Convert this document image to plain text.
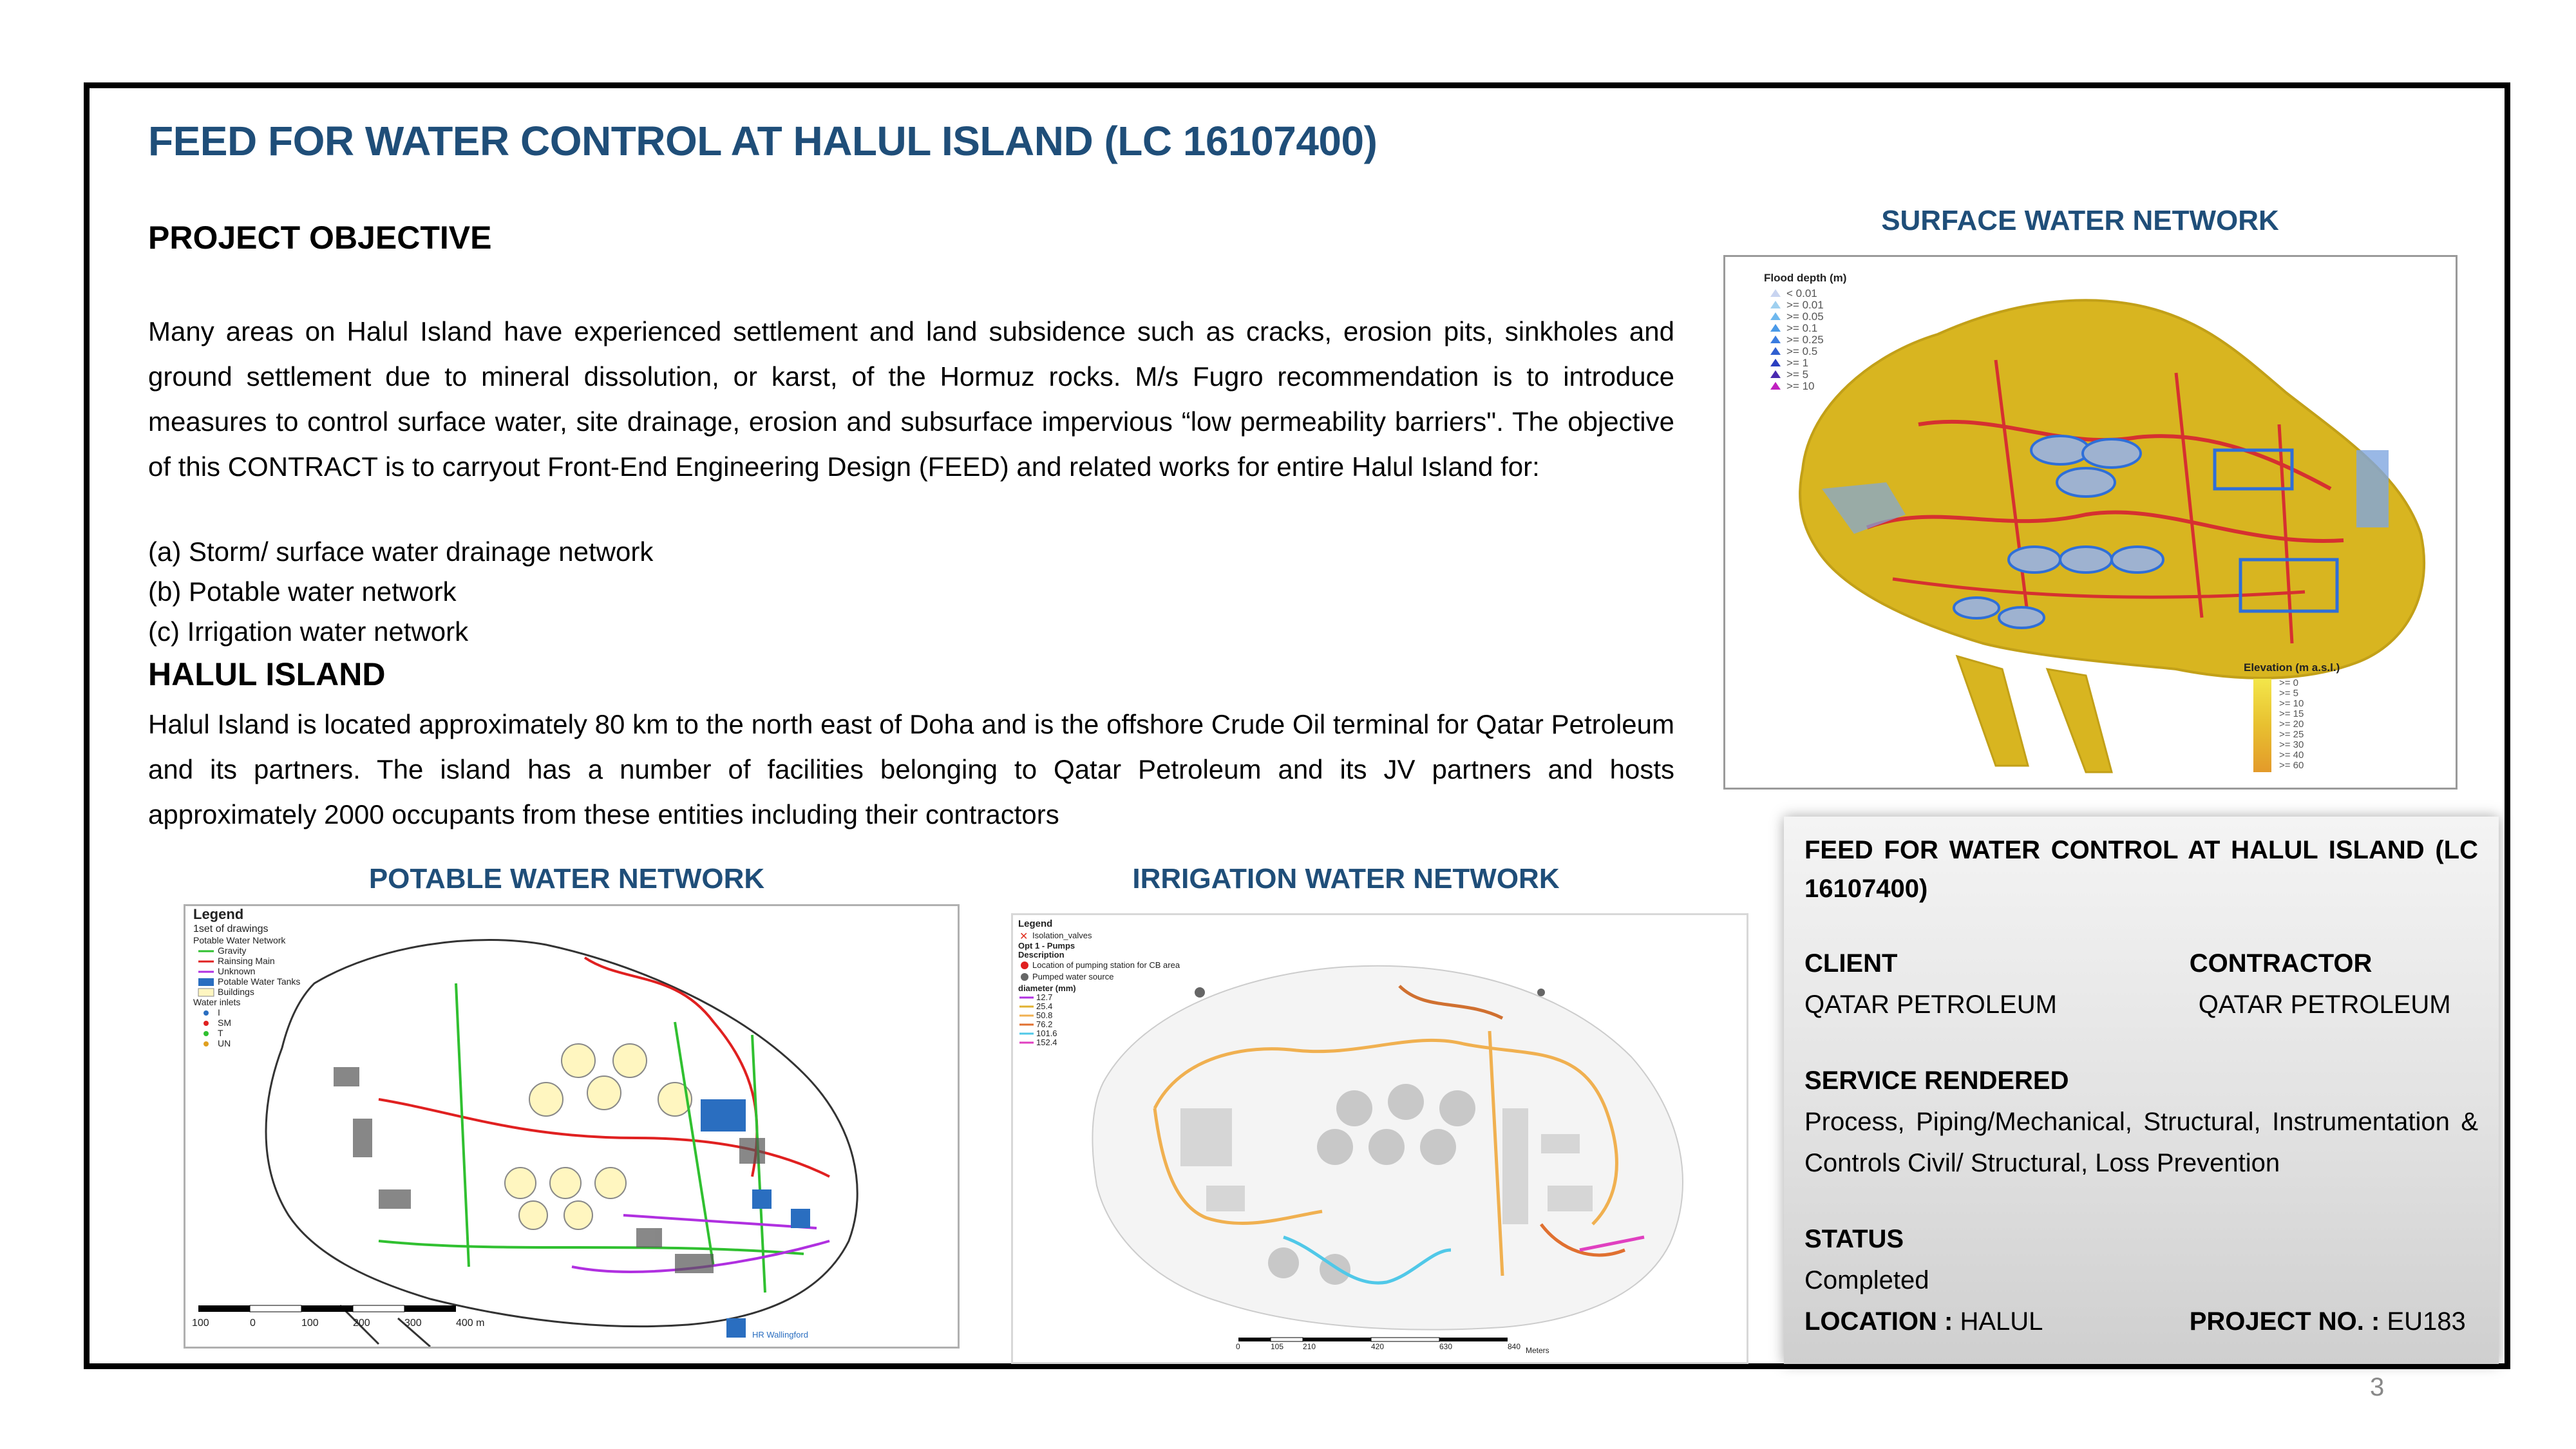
FEED FOR WATER CONTROL AT HALUL ISLAND (LC 16107400)
PROJECT OBJECTIVE
Many areas on Halul Island have experienced settlement and land subsidence such as cracks, erosion pits, sinkholes and ground settlement due to mineral dissolution, or karst, of the Hormuz rocks. M/s Fugro recommendation is to introduce measures to control surface water, site drainage, erosion and subsurface impervious “low permeability barriers". The objective of this CONTRACT is to carryout Front-End Engineering Design (FEED) and related works for entire Halul Island for:
(a) Storm/ surface water drainage network
(b) Potable water network
(c) Irrigation water network
HALUL ISLAND
Halul Island is located approximately 80 km to the north east of Doha and is the offshore Crude Oil terminal for Qatar Petroleum and its partners. The island has a number of facilities belonging to Qatar Petroleum and its JV partners and hosts approximately 2000 occupants from these entities including their contractors
SURFACE WATER NETWORK
Flood depth (m)
< 0.01
>= 0.01
>= 0.05
>= 0.1
>= 0.25
>= 0.5
>= 1
>= 5
>= 10
Elevation (m a.s.l.)
>= 0
>= 5
>= 10
>= 15
>= 20
>= 25
>= 30
>= 40
>= 60
POTABLE WATER NETWORK
Legend
1set of drawings
Potable Water Network
Gravity
Rainsing Main
Unknown
Potable Water Tanks
Buildings
Water inlets
I
SM
T
UN
100	0	100	200	300	400 m
HR Wallingford
IRRIGATION WATER NETWORK
Legend
Isolation_valves
Opt 1 - Pumps
Description
Location of pumping station for CB area
Pumped water source
diameter (mm)
12.7
25.4
50.8
76.2
101.6
152.4
0	105 210	420	630	840 Meters
✕
FEED FOR WATER CONTROL AT HALUL ISLAND (LC 16107400)
CLIENT	CONTRACTOR
QATAR PETROLEUM	QATAR PETROLEUM
SERVICE RENDERED
Process, Piping/Mechanical, Structural, Instrumentation & Controls Civil/ Structural, Loss Prevention
STATUS
Completed
LOCATION : HALUL	PROJECT NO. : EU183
3
